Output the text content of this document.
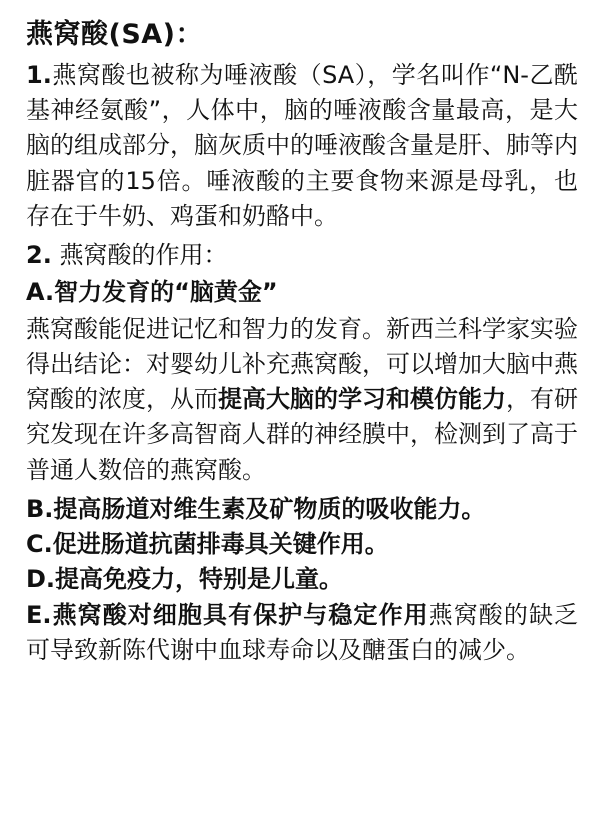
燕窝酸(SA)：

1.燕窝酸也被称为唾液酸（SA），学名叫作“N-乙酰基神经氨酸”，人体中，脑的唾液酸含量最高，是大脑的组成部分，脑灰质中的唾液酸含量是肝、肺等内脏器官的15倍。唾液酸的主要食物来源是母乳，也存在于牛奶、鸡蛋和奶酪中。

2. 燕窝酸的作用：

A.智力发育的“脑黄金”

燕窝酸能促进记忆和智力的发育。新西兰科学家实验得出结论：对婴幼儿补充燕窝酸，可以增加大脑中燕窝酸的浓度，从而提高大脑的学习和模仿能力，有研究发现在许多高智商人群的神经膜中，检测到了高于普通人数倍的燕窝酸。

B.提高肠道对维生素及矿物质的吸收能力。

C.促进肠道抗菌排毒具关键作用。

D.提高免疫力，特别是儿童。

E.燕窝酸对细胞具有保护与稳定作用燕窝酸的缺乏可导致新陈代谢中血球寿命以及醣蛋白的减少。
